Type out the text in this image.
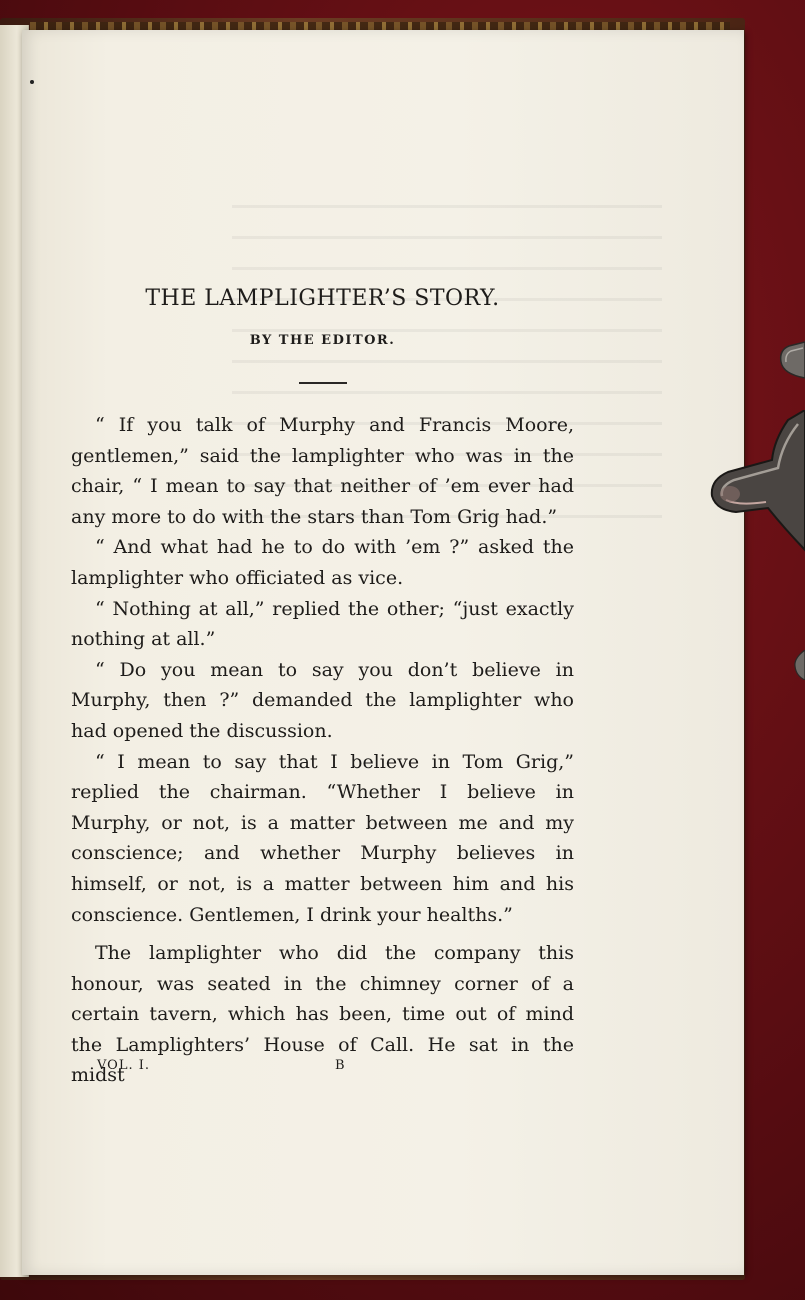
THE LAMPLIGHTER’S STORY.
BY THE EDITOR.

“ If you talk of Murphy and Francis Moore, gentlemen,” said the lamplighter who was in the chair, “ I mean to say that neither of ’em ever had any more to do with the stars than Tom Grig had.”

“ And what had he to do with ’em ?” asked the lamplighter who officiated as vice.

“ Nothing at all,” replied the other; “just exactly nothing at all.”

“ Do you mean to say you don’t believe in Murphy, then ?” demanded the lamplighter who had opened the discussion.

“ I mean to say that I believe in Tom Grig,” replied the chairman. “Whether I believe in Murphy, or not, is a matter between me and my conscience; and whether Murphy believes in himself, or not, is a matter between him and his conscience. Gentlemen, I drink your healths.”

The lamplighter who did the company this honour, was seated in the chimney corner of a certain tavern, which has been, time out of mind the Lamplighters’ House of Call. He sat in the midst

VOL. I.	B
